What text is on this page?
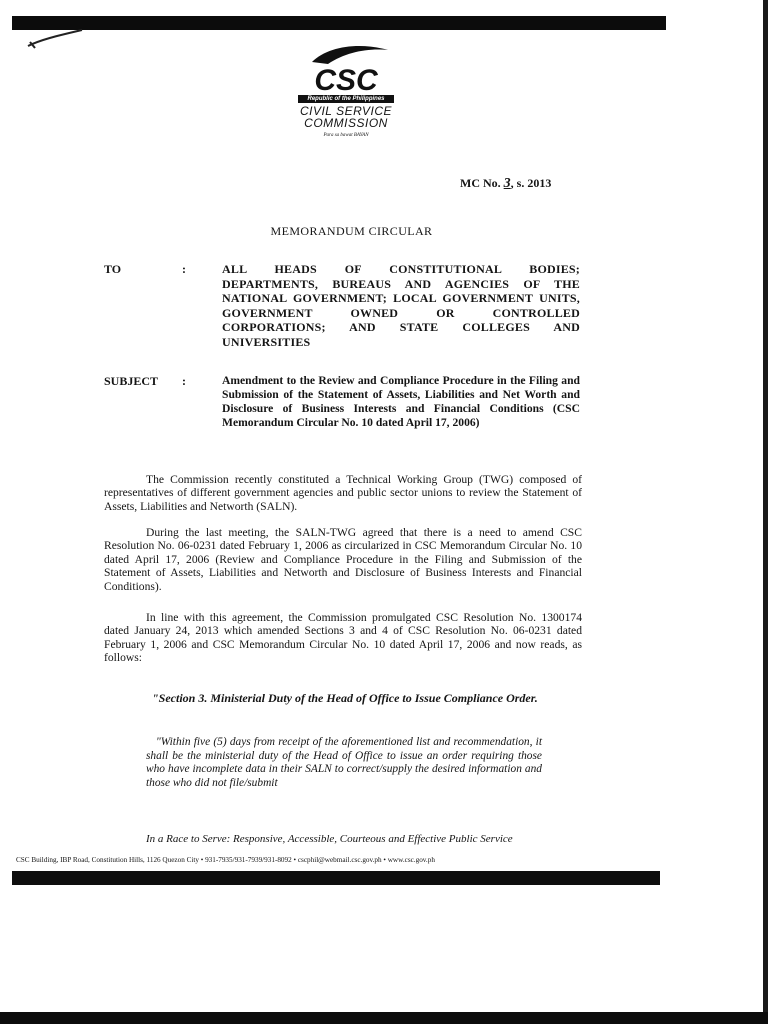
CSC
Republic of the Philippines
CIVIL SERVICE
COMMISSION
Para sa bawat BAYAN
MC No. 3, s. 2013
MEMORANDUM CIRCULAR
TO	:	ALL HEADS OF CONSTITUTIONAL BODIES; DEPARTMENTS, BUREAUS AND AGENCIES OF THE NATIONAL GOVERNMENT; LOCAL GOVERNMENT UNITS, GOVERNMENT OWNED OR CONTROLLED CORPORATIONS; AND STATE COLLEGES AND UNIVERSITIES
SUBJECT :	Amendment to the Review and Compliance Procedure in the Filing and Submission of the Statement of Assets, Liabilities and Net Worth and Disclosure of Business Interests and Financial Conditions (CSC Memorandum Circular No. 10 dated April 17, 2006)
The Commission recently constituted a Technical Working Group (TWG) composed of representatives of different government agencies and public sector unions to review the Statement of Assets, Liabilities and Networth (SALN).
During the last meeting, the SALN-TWG agreed that there is a need to amend CSC Resolution No. 06-0231 dated February 1, 2006 as circularized in CSC Memorandum Circular No. 10 dated April 17, 2006 (Review and Compliance Procedure in the Filing and Submission of the Statement of Assets, Liabilities and Networth and Disclosure of Business Interests and Financial Conditions).
In line with this agreement, the Commission promulgated CSC Resolution No. 1300174 dated January 24, 2013 which amended Sections 3 and 4 of CSC Resolution No. 06-0231 dated February 1, 2006 and CSC Memorandum Circular No. 10 dated April 17, 2006 and now reads, as follows:
"Section 3. Ministerial Duty of the Head of Office to Issue Compliance Order.
"Within five (5) days from receipt of the aforementioned list and recommendation, it shall be the ministerial duty of the Head of Office to issue an order requiring those who have incomplete data in their SALN to correct/supply the desired information and those who did not file/submit
In a Race to Serve: Responsive, Accessible, Courteous and Effective Public Service
CSC Building, IBP Road, Constitution Hills, 1126 Quezon City • 931-7935/931-7939/931-8092 • cscphil@webmail.csc.gov.ph • www.csc.gov.ph
